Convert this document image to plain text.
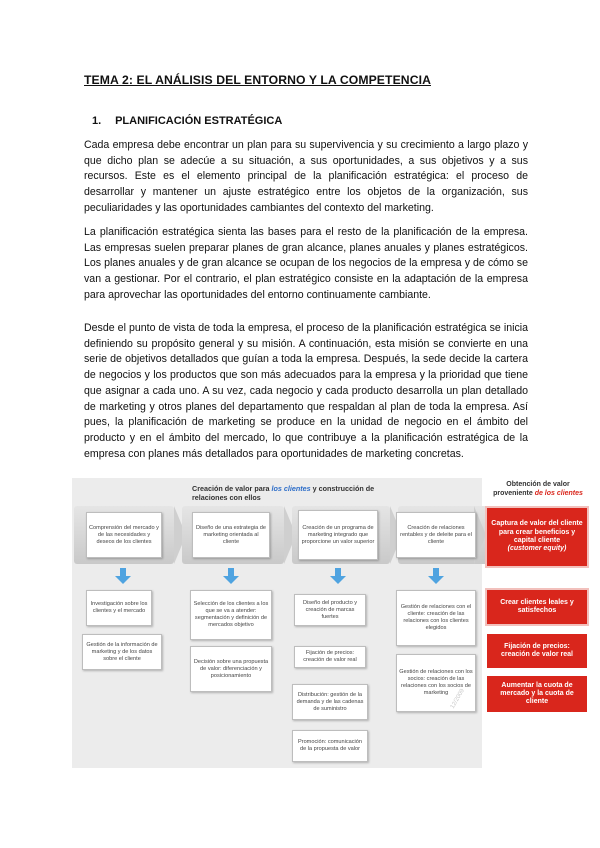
TEMA 2: EL ANÁLISIS DEL ENTORNO Y LA COMPETENCIA
1. PLANIFICACIÓN ESTRATÉGICA

Cada empresa debe encontrar un plan para su supervivencia y su crecimiento a largo plazo y que dicho plan se adecúe a su situación, a sus oportunidades, a sus objetivos y a sus recursos. Este es el elemento principal de la planificación estratégica: el proceso de desarrollar y mantener un ajuste estratégico entre los objetos de la organización, sus peculiaridades y las oportunidades cambiantes del contexto del marketing.

La planificación estratégica sienta las bases para el resto de la planificación de la empresa. Las empresas suelen preparar planes de gran alcance, planes anuales y planes estratégicos. Los planes anuales y de gran alcance se ocupan de los negocios de la empresa y de cómo se van a gestionar. Por el contrario, el plan estratégico consiste en la adaptación de la empresa para aprovechar las oportunidades del entorno continuamente cambiante.

Desde el punto de vista de toda la empresa, el proceso de la planificación estratégica se inicia definiendo su propósito general y su misión. A continuación, esta misión se convierte en una serie de objetivos detallados que guían a toda la empresa. Después, la sede decide la cartera de negocios y los productos que son más adecuados para la empresa y la prioridad que tiene que asignar a cada uno. A su vez, cada negocio y cada producto desarrolla un plan detallado de marketing y otros planes del departamento que respaldan al plan de toda la empresa. Así pues, la planificación de marketing se produce en la unidad de negocio en el ámbito del producto y en el ámbito del mercado, lo que contribuye a la planificación estratégica de la empresa con planes más detallados para oportunidades de marketing concretas.

Creación de valor para los clientes y construcción de relaciones con ellos
Obtención de valor proveniente de los clientes
Comprensión del mercado y de las necesidades y deseos de los clientes
Diseño de una estrategia de marketing orientada al cliente
Creación de un programa de marketing integrado que proporcione un valor superior
Creación de relaciones rentables y de deleite para el cliente
Investigación sobre los clientes y el mercado
Gestión de la información de marketing y de los datos sobre el cliente
Selección de los clientes a los que se va a atender: segmentación y definición de mercados objetivo
Decisión sobre una propuesta de valor: diferenciación y posicionamiento
Diseño del producto y creación de marcas fuertes
Fijación de precios: creación de valor real
Distribución: gestión de la demanda y de las cadenas de suministro
Promoción: comunicación de la propuesta de valor
Gestión de relaciones con el cliente: creación de las relaciones con los clientes elegidos
Gestión de relaciones con los socios: creación de las relaciones con los socios de marketing
Captura de valor del cliente para crear beneficios y capital cliente
(customer equity)
Crear clientes leales y satisfechos
Fijación de precios: creación de valor real
Aumentar la cuota de mercado y la cuota de cliente
12/2009
